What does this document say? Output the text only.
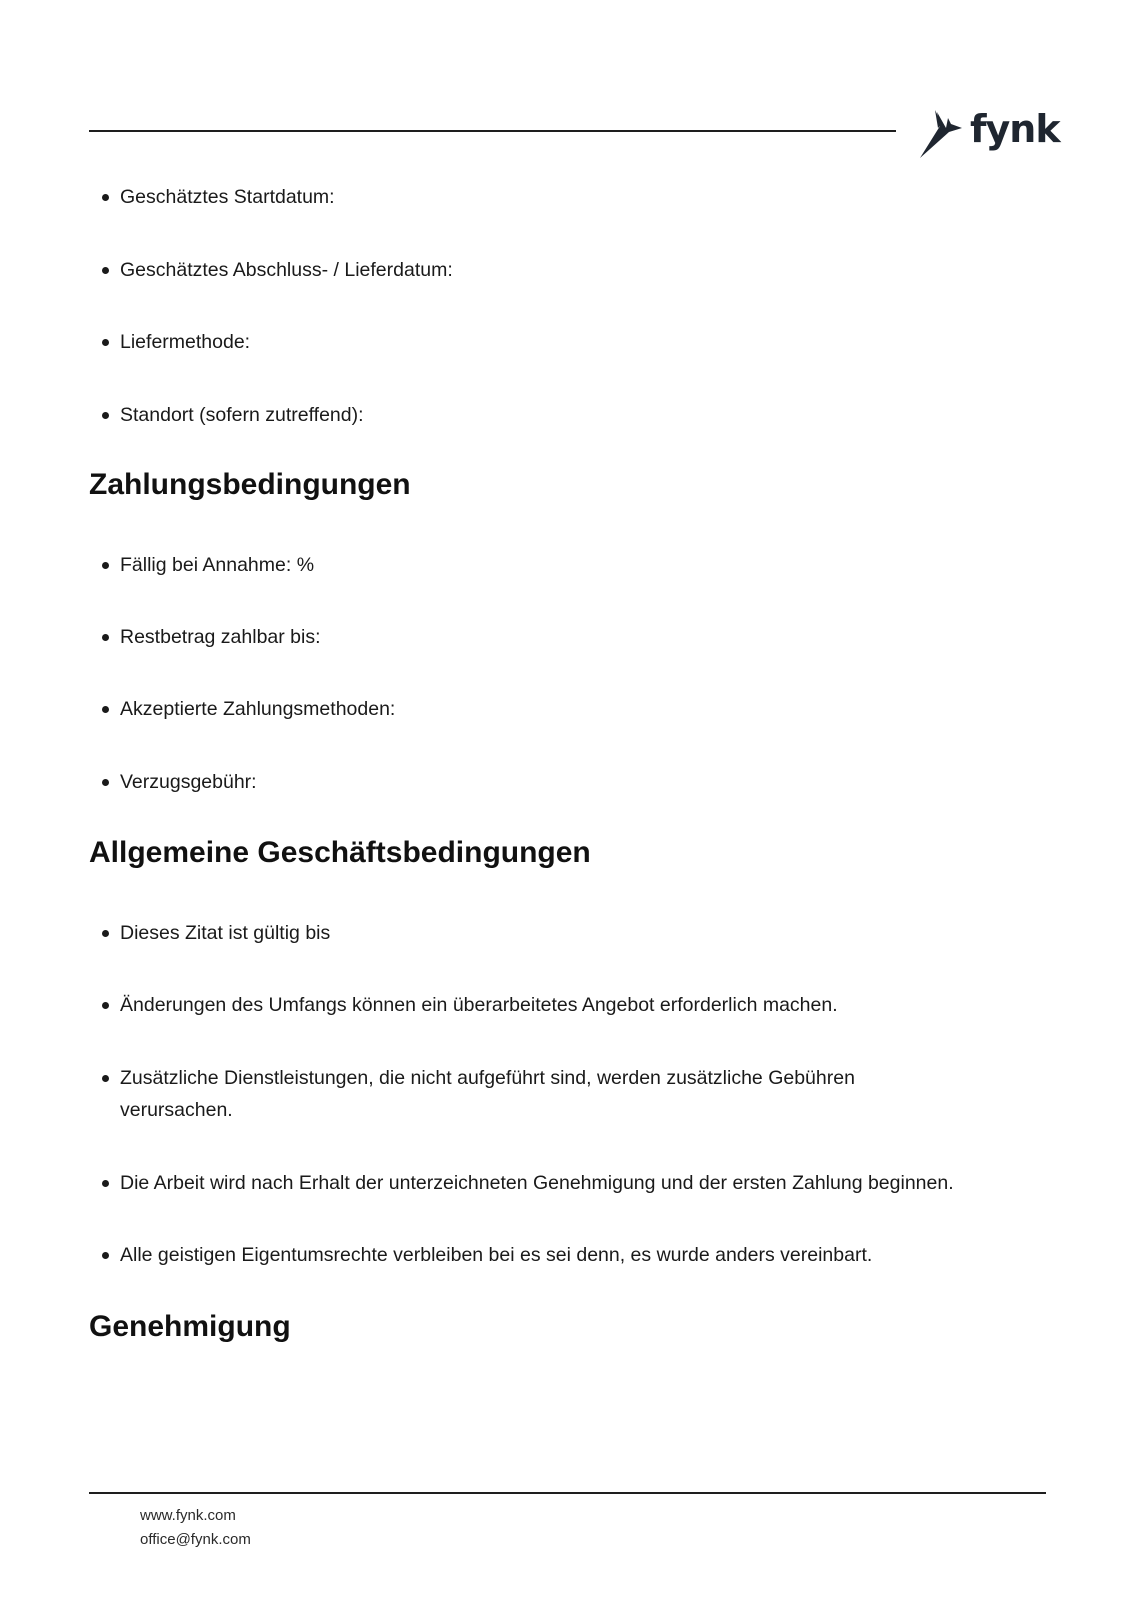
fynk
Geschätztes Startdatum:
Geschätztes Abschluss- / Lieferdatum:
Liefermethode:
Standort (sofern zutreffend):
Zahlungsbedingungen
Fällig bei Annahme: %
Restbetrag zahlbar bis:
Akzeptierte Zahlungsmethoden:
Verzugsgebühr:
Allgemeine Geschäftsbedingungen
Dieses Zitat ist gültig bis
Änderungen des Umfangs können ein überarbeitetes Angebot erforderlich machen.
Zusätzliche Dienstleistungen, die nicht aufgeführt sind, werden zusätzliche Gebühren verursachen.
Die Arbeit wird nach Erhalt der unterzeichneten Genehmigung und der ersten Zahlung beginnen.
Alle geistigen Eigentumsrechte verbleiben bei es sei denn, es wurde anders vereinbart.
Genehmigung
www.fynk.com
office@fynk.com
